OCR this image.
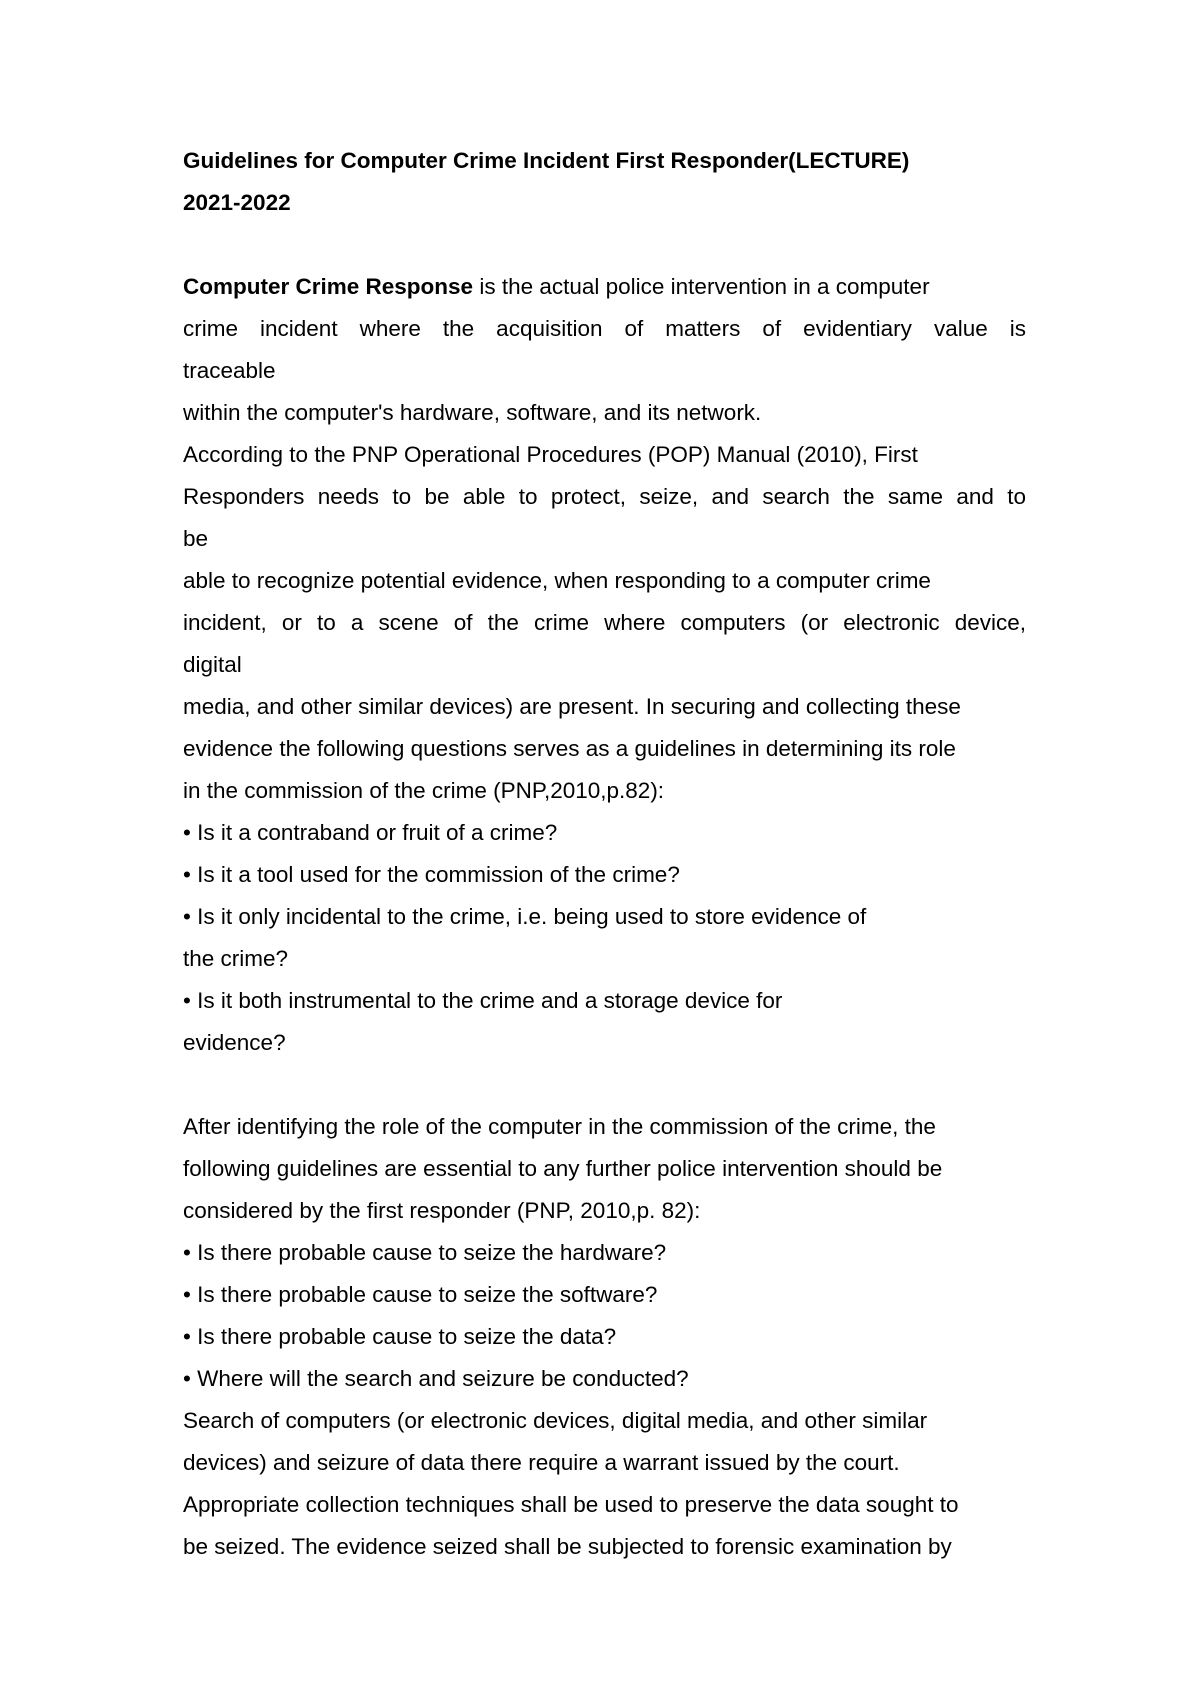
Guidelines for Computer Crime Incident First Responder(LECTURE)
2021-2022
Computer Crime Response is the actual police intervention in a computer
crime incident where the acquisition of matters of evidentiary value is
traceable
within the computer's hardware, software, and its network.
According to the PNP Operational Procedures (POP) Manual (2010), First
Responders needs to be able to protect, seize, and search the same and to
be
able to recognize potential evidence, when responding to a computer crime
incident, or to a scene of the crime where computers (or electronic device,
digital
media, and other similar devices) are present. In securing and collecting these
evidence the following questions serves as a guidelines in determining its role
in the commission of the crime (PNP,2010,p.82):
• Is it a contraband or fruit of a crime?
• Is it a tool used for the commission of the crime?
• Is it only incidental to the crime, i.e. being used to store evidence of
the crime?
• Is it both instrumental to the crime and a storage device for
evidence?
After identifying the role of the computer in the commission of the crime, the
following guidelines are essential to any further police intervention should be
considered by the first responder (PNP, 2010,p. 82):
• Is there probable cause to seize the hardware?
• Is there probable cause to seize the software?
• Is there probable cause to seize the data?
• Where will the search and seizure be conducted?
Search of computers (or electronic devices, digital media, and other similar
devices) and seizure of data there require a warrant issued by the court.
Appropriate collection techniques shall be used to preserve the data sought to
be seized. The evidence seized shall be subjected to forensic examination by
